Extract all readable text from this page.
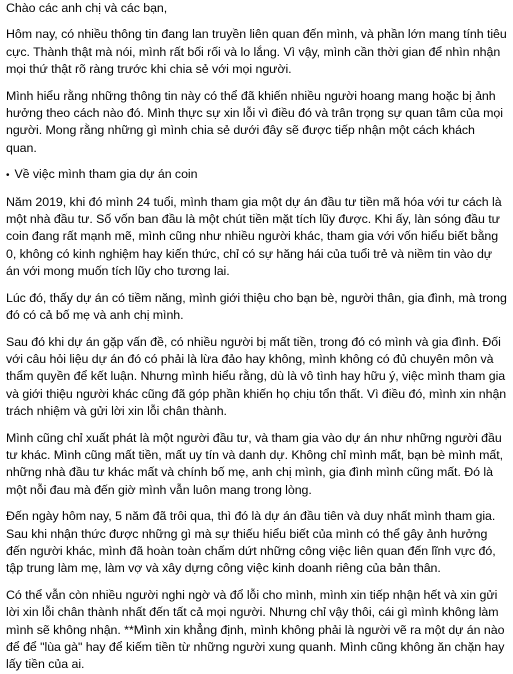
Chào các anh chị và các bạn,

Hôm nay, có nhiều thông tin đang lan truyền liên quan đến mình, và phần lớn mang tính tiêu cực. Thành thật mà nói, mình rất bối rối và lo lắng. Vì vậy, mình cần thời gian để nhìn nhận mọi thứ thật rõ ràng trước khi chia sẻ với mọi người.

Mình hiểu rằng những thông tin này có thể đã khiến nhiều người hoang mang hoặc bị ảnh hưởng theo cách nào đó. Mình thực sự xin lỗi vì điều đó và trân trọng sự quan tâm của mọi người. Mong rằng những gì mình chia sẻ dưới đây sẽ được tiếp nhận một cách khách quan.

• Về việc mình tham gia dự án coin

Năm 2019, khi đó mình 24 tuổi, mình tham gia một dự án đầu tư tiền mã hóa với tư cách là một nhà đầu tư. Số vốn ban đầu là một chút tiền mặt tích lũy được. Khi ấy, làn sóng đầu tư coin đang rất mạnh mẽ, mình cũng như nhiều người khác, tham gia với vốn hiểu biết bằng 0, không có kinh nghiệm hay kiến thức, chỉ có sự hăng hái của tuổi trẻ và niềm tin vào dự án với mong muốn tích lũy cho tương lai.

Lúc đó, thấy dự án có tiềm năng, mình giới thiệu cho bạn bè, người thân, gia đình, mà trong đó có cả bố mẹ và anh chị mình.

Sau đó khi dự án gặp vấn đề, có nhiều người bị mất tiền, trong đó có mình và gia đình. Đối với câu hỏi liệu dự án đó có phải là lừa đảo hay không, mình không có đủ chuyên môn và thẩm quyền để kết luận. Nhưng mình hiểu rằng, dù là vô tình hay hữu ý, việc mình tham gia và giới thiệu người khác cũng đã góp phần khiến họ chịu tổn thất. Vì điều đó, mình xin nhận trách nhiệm và gửi lời xin lỗi chân thành.

Mình cũng chỉ xuất phát là một người đầu tư, và tham gia vào dự án như những người đầu tư khác. Mình cũng mất tiền, mất uy tín và danh dự. Không chỉ mình mất, bạn bè mình mất, những nhà đầu tư khác mất và chính bố mẹ, anh chị mình, gia đình mình cũng mất. Đó là một nỗi đau mà đến giờ mình vẫn luôn mang trong lòng.

Đến ngày hôm nay, 5 năm đã trôi qua, thì đó là dự án đầu tiên và duy nhất mình tham gia. Sau khi nhận thức được những gì mà sự thiếu hiểu biết của mình có thể gây ảnh hưởng đến người khác, mình đã hoàn toàn chấm dứt những công việc liên quan đến lĩnh vực đó, tập trung làm mẹ, làm vợ và xây dựng công việc kinh doanh riêng của bản thân.

Có thể vẫn còn nhiều người nghi ngờ và đổ lỗi cho mình, mình xin tiếp nhận hết và xin gửi lời xin lỗi chân thành nhất đến tất cả mọi người. Nhưng chỉ vậy thôi, cái gì mình không làm mình sẽ không nhận. **Mình xin khẳng định, mình không phải là người vẽ ra một dự án nào để để "lùa gà" hay để kiếm tiền từ những người xung quanh. Mình cũng không ăn chặn hay lấy tiền của ai.
